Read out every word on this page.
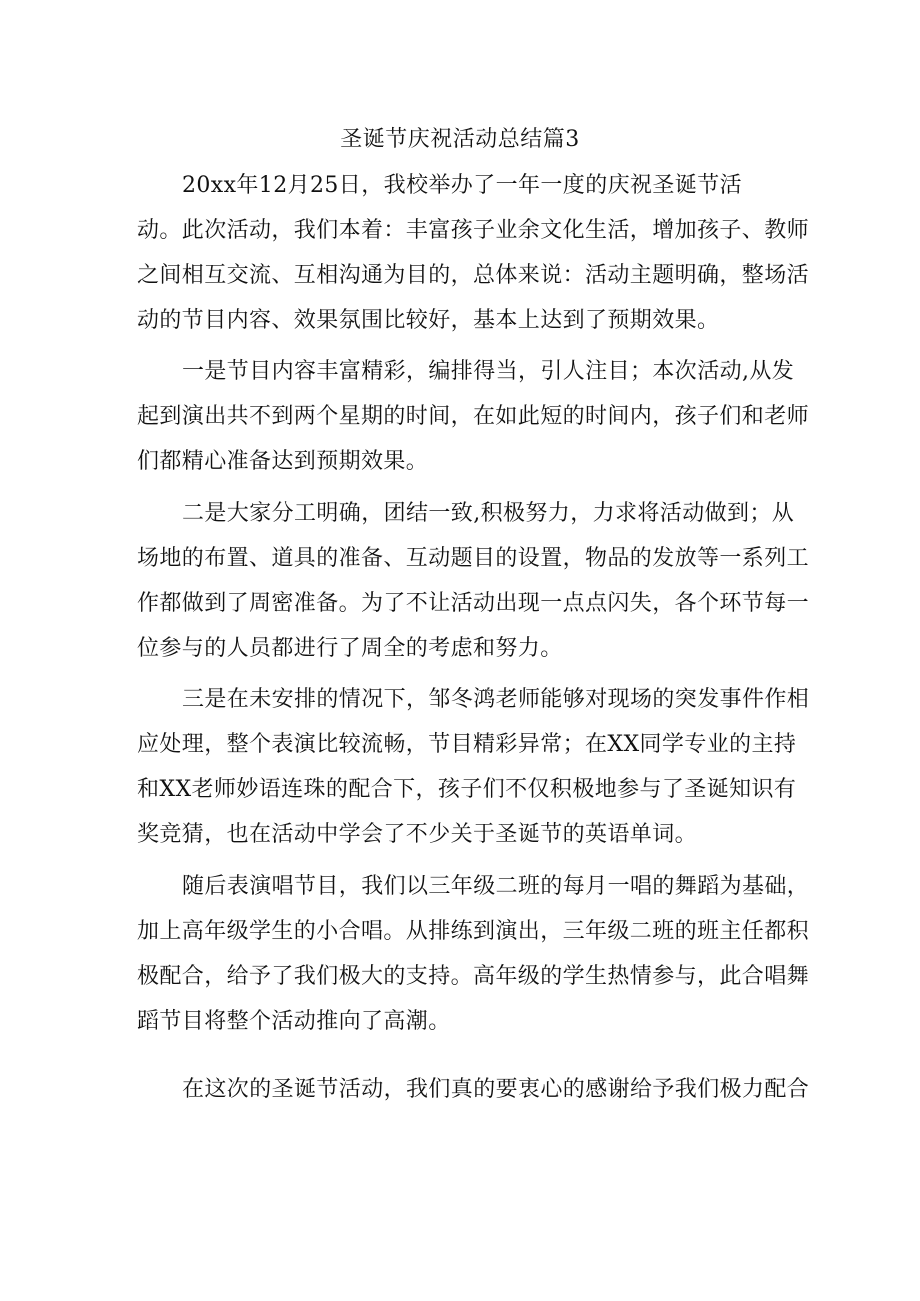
圣诞节庆祝活动总结篇3

20xx年12月25日，我校举办了一年一度的庆祝圣诞节活

动。此次活动，我们本着：丰富孩子业余文化生活，增加孩子、教师

之间相互交流、互相沟通为目的，总体来说：活动主题明确，整场活

动的节目内容、效果氛围比较好，基本上达到了预期效果。

一是节目内容丰富精彩，编排得当，引人注目；本次活动,从发

起到演出共不到两个星期的时间，在如此短的时间内，孩子们和老师

们都精心准备达到预期效果。

二是大家分工明确，团结一致,积极努力，力求将活动做到；从

场地的布置、道具的准备、互动题目的设置，物品的发放等一系列工

作都做到了周密准备。为了不让活动出现一点点闪失，各个环节每一

位参与的人员都进行了周全的考虑和努力。

三是在未安排的情况下，邹冬鸿老师能够对现场的突发事件作相

应处理，整个表演比较流畅，节目精彩异常；在XX同学专业的主持

和XX老师妙语连珠的配合下，孩子们不仅积极地参与了圣诞知识有

奖竞猜，也在活动中学会了不少关于圣诞节的英语单词。

随后表演唱节目，我们以三年级二班的每月一唱的舞蹈为基础，

加上高年级学生的小合唱。从排练到演出，三年级二班的班主任都积

极配合，给予了我们极大的支持。高年级的学生热情参与，此合唱舞

蹈节目将整个活动推向了高潮。

在这次的圣诞节活动，我们真的要衷心的感谢给予我们极力配合
